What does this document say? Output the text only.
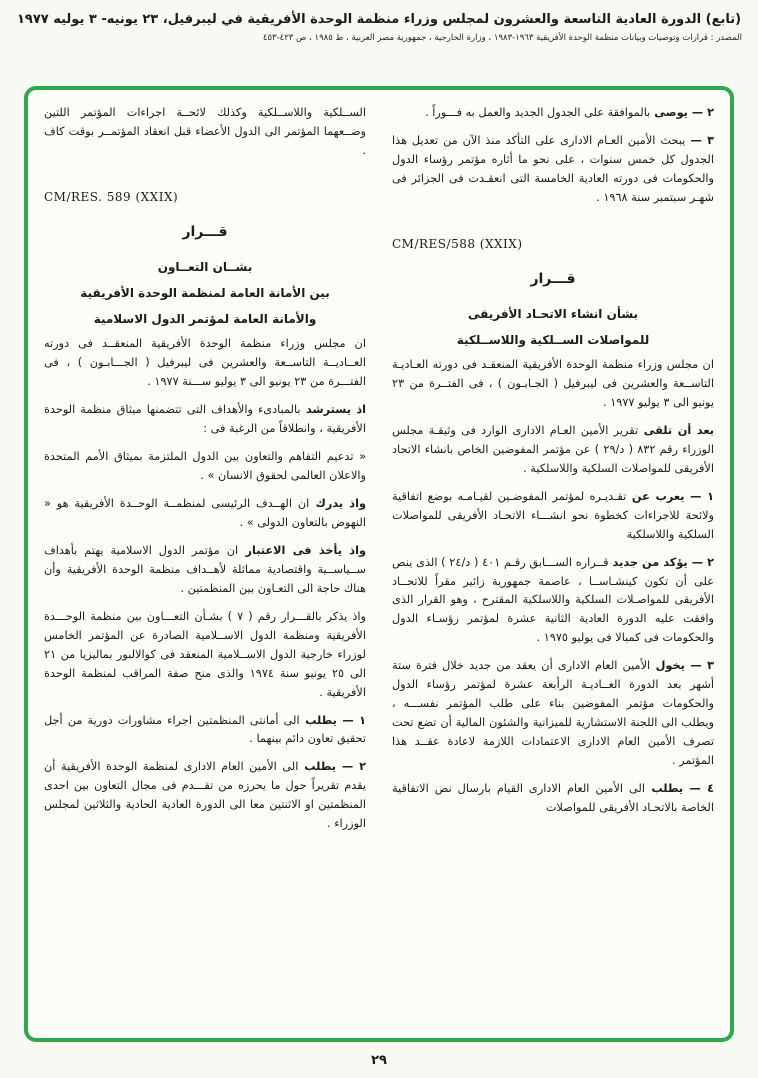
(تابع) الدورة العادية التاسعة والعشرون لمجلس وزراء منظمة الوحدة الأفريقية في ليبرفيل، ٢٣ يونيه- ٣ يوليه ١٩٧٧
المصدر : قرارات وتوصيات وبيانات منظمة الوحدة الأفريقية ١٩٦٣-١٩٨٣ ، وزارة الخارجية ، جمهورية مصر العربية ، ط ١٩٨٥ ، ص ٤٢٣-٤٥٣
٢ — يوصى بالموافقة على الجدول الجديد والعمل به فـــوراً .
٣ — يبحث الأمين العـام الادارى على التأكد منذ الآن من تعديل هذا الجدول كل خمس سنوات ، على نحو ما أثاره مؤتمر رؤساء الدول والحكومات فى دورته العادية الخامسة التى انعقـدت فى الجزائر فى شهـر سبتمبر سنة ١٩٦٨ .
CM/RES/588 (XXIX)
قـــرار
بشأن انشاء الاتحـاد الأفريقى
للمواصلات الســلكية واللاســلكية
ان مجلس وزراء منظمة الوحدة الأفريقية المنعقـد فى دورته العـاديـة التاســعة والعشرين فى ليبرفيل ( الجـابـون ) ، فى الفتــرة من ٢٣ يونيو الى ٣ يوليو ١٩٧٧ .
بعد أن تلقى تقرير الأمين العـام الادارى الوارد فى وثيقـة مجلس الوزراء رقم ٨٣٢ ( د/٢٩ ) عن مؤتمر المفوضين الخاص بانشاء الاتحاد الأفريقى للمواصلات السلكية واللاسلكية .
١ — يعرب عن تقـديـره لمؤتمر المفوضـين لقيـامـه بوضع اتفاقية ولائحة للاجراءات كخطوة نحو انشـــاء الاتحـاد الأفريقى للمواصلات السلكية واللاسلكية
٢ — يؤكد من جديد قــراره الســـابق رقـم ٤٠١ ( د/٢٤ ) الذى ينص على أن تكون كينشـاســا ، عاصمة جمهورية زائير مقراً للاتحــاد الأفريقى للمواصـلات السلكية واللاسلكية المقترح ، وهو القرار الذى وافقت عليه الدورة العادية الثانية عشرة لمؤتمر رؤسـاء الدول والحكومات فى كمبالا فى يوليو ١٩٧٥ .
٣ — يخول الأمين العام الادارى أن يعقد من جديد خلال فترة ستة أشهر بعد الدورة العــاديـة الرأبعة عشرة لمؤتمر رؤساء الدول والحكومات مؤتمر المفوضين بناء على طلب المؤتمر نفســـه ، ويطلب الى اللجنة الاستشارية للميزانية والشئون المالية أن تضع تحت تصرف الأمين العام الادارى الاعتمادات اللازمة لاعادة عقــد هذا المؤتمر .
٤ — يطلب الى الأمين العام الادارى القيام بارسال نص الاتفاقية الخاصة بالاتحـاد الأفريقى للمواصلات
الســلكية واللاســلكية وكذلك لائحــة اجراءات المؤتمر اللتين وضــعهما المؤتمر الى الدول الأعضاء قبل انعقاد المؤتمــر بوقت كاف .
CM/RES. 589 (XXIX)
قـــرار
بشــان التعــاون
بين الأمانة العامة لمنظمة الوحدة الأفريقية
والأمانة العامة لمؤتمر الدول الاسلامية
ان مجلس وزراء منظمة الوحدة الأفريقية المنعقــد فى دورته العــاديــة التاســعة والعشرين فى ليبرفيل ( الجـــابـون ) ، فى الفتـــرة من ٢٣ يونيو الى ٣ يوليو ســـنة ١٩٧٧ .
اذ يسترشد بالمبادىء والأهداف التى تتضمنها ميثاق منظمة الوحدة الأفريقية ، وانطلاقاً من الرغبة فى :
« تدعيم التفاهم والتعاون بين الدول الملتزمة بميثاق الأمم المتحدة والاعلان العالمى لحقوق الانسان » .
واذ يدرك ان الهــدف الرئيسى لمنظمــة الوحــدة الأفريقية هو « النهوض بالتعاون الدولى » .
واذ يأخذ فى الاعتبار ان مؤتمر الدول الاسلامية يهتم بأهداف ســياســية واقتصادية مماثلة لأهــداف منظمة الوحدة الأفريقية وأن هناك حاجة الى التعـاون بين المنظمتين .
واذ يذكر بالقـــرار رقم ( ٧ ) بشـأن التعـــاون بين منظمة الوحـــدة الأفريقية ومنظمة الدول الاســلامية الصادرة عن المؤتمر الخامس لوزراء خارجية الدول الاســلامية المنعقد فى كوالالبور بماليزيا من ٢١ الى ٢٥ يونيو سنة ١٩٧٤ والذى منح صفة المراقب لمنظمة الوحدة الأفريقية .
١ — يطلب الى أمانتى المنظمتين اجراء مشاورات دورية من أجل تحقيق تعاون دائم بينهما .
٢ — يطلب الى الأمين العام الادارى لمنظمة الوحدة الأفريقية أن يقدم تقريراً حول ما يحرزه من تقـــدم فى مجال التعاون بين احدى المنظمتين او الاثنتين معا الى الدورة العادية الحادية والثلاثين لمجلس الوزراء .
٢٩
